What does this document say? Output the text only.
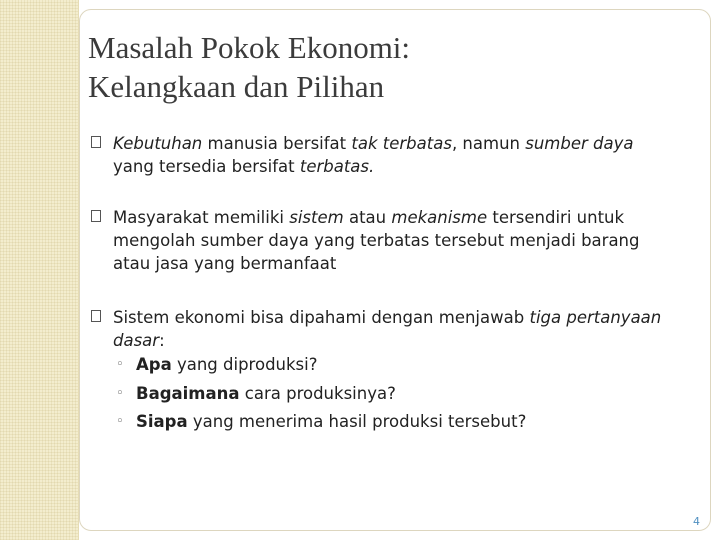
Masalah Pokok Ekonomi:
Kelangkaan dan Pilihan
Kebutuhan manusia bersifat tak terbatas, namun sumber daya yang tersedia bersifat terbatas.
Masyarakat memiliki sistem atau mekanisme tersendiri untuk mengolah sumber daya yang terbatas tersebut menjadi barang atau jasa yang bermanfaat
Sistem ekonomi bisa dipahami dengan menjawab tiga pertanyaan dasar:
◦ Apa yang diproduksi?
◦ Bagaimana cara produksinya?
◦ Siapa yang menerima hasil produksi tersebut?
4
